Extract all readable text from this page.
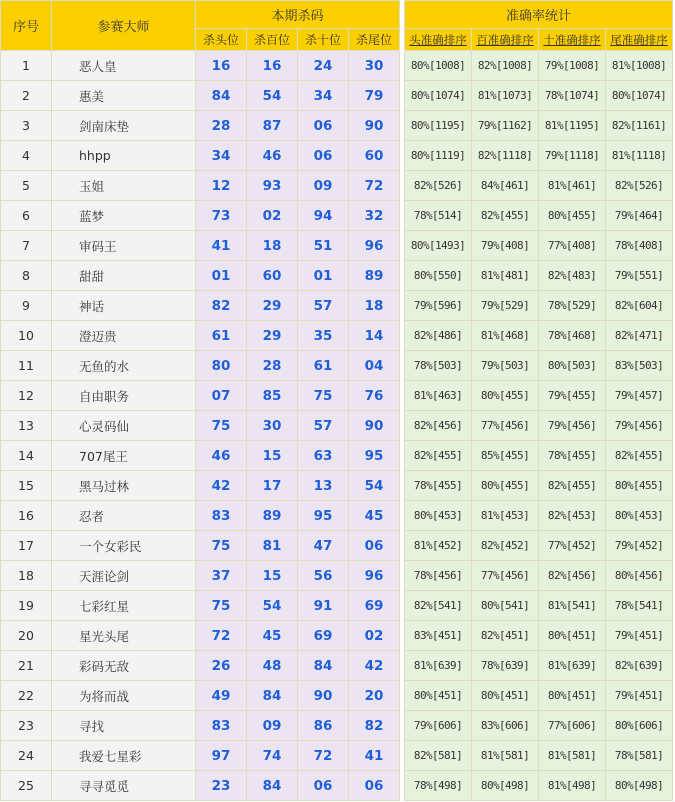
序号	参赛大师	本期杀码					准确率统计			
		杀头位	杀百位	杀十位	杀尾位		头准确排序	百准确排序	十准确排序	尾准确排序
1	恶人皇	16	16	24	30		80%[1008]	82%[1008]	79%[1008]	81%[1008]
2	惠美	84	54	34	79		80%[1074]	81%[1073]	78%[1074]	80%[1074]
3	剑南床垫	28	87	06	90		80%[1195]	79%[1162]	81%[1195]	82%[1161]
4	hhpp	34	46	06	60		80%[1119]	82%[1118]	79%[1118]	81%[1118]
5	玉姐	12	93	09	72		82%[526]	84%[461]	81%[461]	82%[526]
6	蓝梦	73	02	94	32		78%[514]	82%[455]	80%[455]	79%[464]
7	审码王	41	18	51	96		80%[1493]	79%[408]	77%[408]	78%[408]
8	甜甜	01	60	01	89		80%[550]	81%[481]	82%[483]	79%[551]
9	神话	82	29	57	18		79%[596]	79%[529]	78%[529]	82%[604]
10	澄迈贵	61	29	35	14		82%[486]	81%[468]	78%[468]	82%[471]
11	无鱼的水	80	28	61	04		78%[503]	79%[503]	80%[503]	83%[503]
12	自由职务	07	85	75	76		81%[463]	80%[455]	79%[455]	79%[457]
13	心灵码仙	75	30	57	90		82%[456]	77%[456]	79%[456]	79%[456]
14	707尾王	46	15	63	95		82%[455]	85%[455]	78%[455]	82%[455]
15	黑马过林	42	17	13	54		78%[455]	80%[455]	82%[455]	80%[455]
16	忍者	83	89	95	45		80%[453]	81%[453]	82%[453]	80%[453]
17	一个女彩民	75	81	47	06		81%[452]	82%[452]	77%[452]	79%[452]
18	天涯论剑	37	15	56	96		78%[456]	77%[456]	82%[456]	80%[456]
19	七彩红星	75	54	91	69		82%[541]	80%[541]	81%[541]	78%[541]
20	星光头尾	72	45	69	02		83%[451]	82%[451]	80%[451]	79%[451]
21	彩码无敌	26	48	84	42		81%[639]	78%[639]	81%[639]	82%[639]
22	为将而战	49	84	90	20		80%[451]	80%[451]	80%[451]	79%[451]
23	寻找	83	09	86	82		79%[606]	83%[606]	77%[606]	80%[606]
24	我爱七星彩	97	74	72	41		82%[581]	81%[581]	81%[581]	78%[581]
25	寻寻觅觅	23	84	06	06		78%[498]	80%[498]	81%[498]	80%[498]
